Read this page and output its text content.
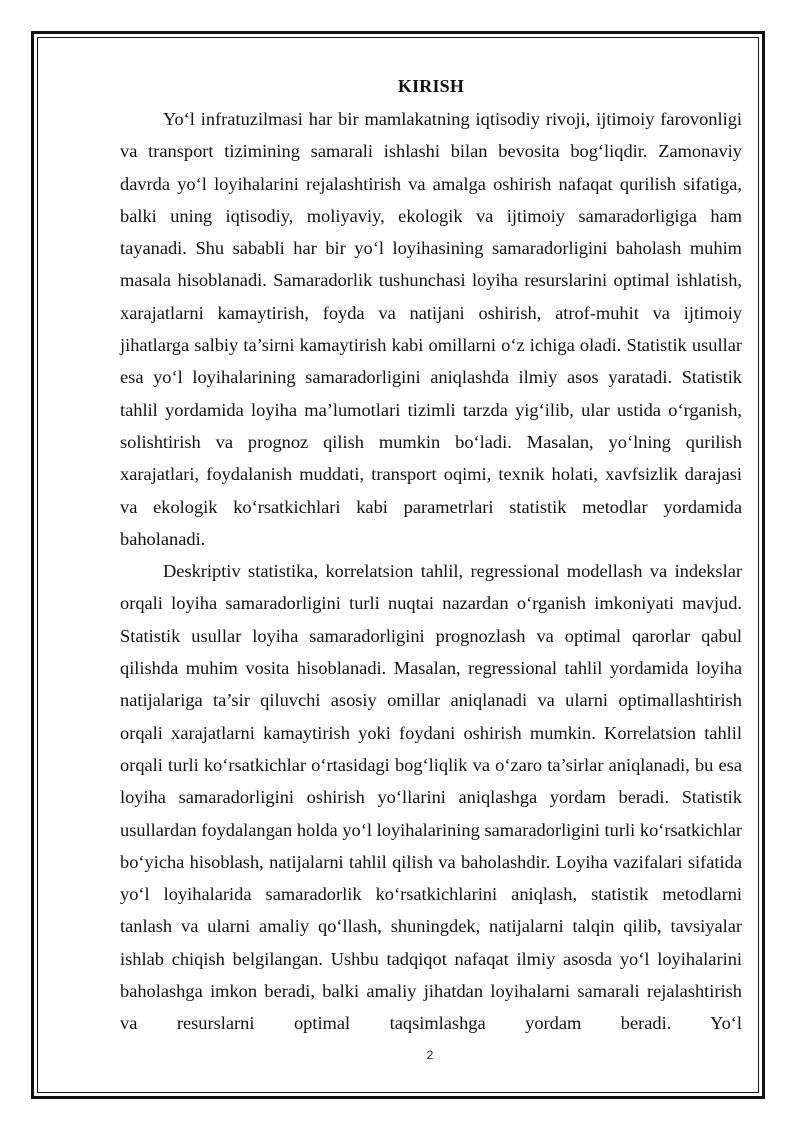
KIRISH

Yo‘l infratuzilmasi har bir mamlakatning iqtisodiy rivoji, ijtimoiy farovonligi va transport tizimining samarali ishlashi bilan bevosita bog‘liqdir. Zamonaviy davrda yo‘l loyihalarini rejalashtirish va amalga oshirish nafaqat qurilish sifatiga, balki uning iqtisodiy, moliyaviy, ekologik va ijtimoiy samaradorligiga ham tayanadi. Shu sababli har bir yo‘l loyihasining samaradorligini baholash muhim masala hisoblanadi. Samaradorlik tushunchasi loyiha resurslarini optimal ishlatish, xarajatlarni kamaytirish, foyda va natijani oshirish, atrof-muhit va ijtimoiy jihatlarga salbiy ta’sirni kamaytirish kabi omillarni o‘z ichiga oladi. Statistik usullar esa yo‘l loyihalarining samaradorligini aniqlashda ilmiy asos yaratadi. Statistik tahlil yordamida loyiha ma’lumotlari tizimli tarzda yig‘ilib, ular ustida o‘rganish, solishtirish va prognoz qilish mumkin bo‘ladi. Masalan, yo‘lning qurilish xarajatlari, foydalanish muddati, transport oqimi, texnik holati, xavfsizlik darajasi va ekologik ko‘rsatkichlari kabi parametrlari statistik metodlar yordamida baholanadi.

Deskriptiv statistika, korrelatsion tahlil, regressional modellash va indekslar orqali loyiha samaradorligini turli nuqtai nazardan o‘rganish imkoniyati mavjud. Statistik usullar loyiha samaradorligini prognozlash va optimal qarorlar qabul qilishda muhim vosita hisoblanadi. Masalan, regressional tahlil yordamida loyiha natijalariga ta’sir qiluvchi asosiy omillar aniqlanadi va ularni optimallashtirish orqali xarajatlarni kamaytirish yoki foydani oshirish mumkin. Korrelatsion tahlil orqali turli ko‘rsatkichlar o‘rtasidagi bog‘liqlik va o‘zaro ta’sirlar aniqlanadi, bu esa loyiha samaradorligini oshirish yo‘llarini aniqlashga yordam beradi. Statistik usullardan foydalangan holda yo‘l loyihalarining samaradorligini turli ko‘rsatkichlar bo‘yicha hisoblash, natijalarni tahlil qilish va baholashdir. Loyiha vazifalari sifatida yo‘l loyihalarida samaradorlik ko‘rsatkichlarini aniqlash, statistik metodlarni tanlash va ularni amaliy qo‘llash, shuningdek, natijalarni talqin qilib, tavsiyalar ishlab chiqish belgilangan. Ushbu tadqiqot nafaqat ilmiy asosda yo‘l loyihalarini baholashga imkon beradi, balki amaliy jihatdan loyihalarni samarali rejalashtirish va resurslarni optimal taqsimlashga yordam beradi. Yo‘l

2
